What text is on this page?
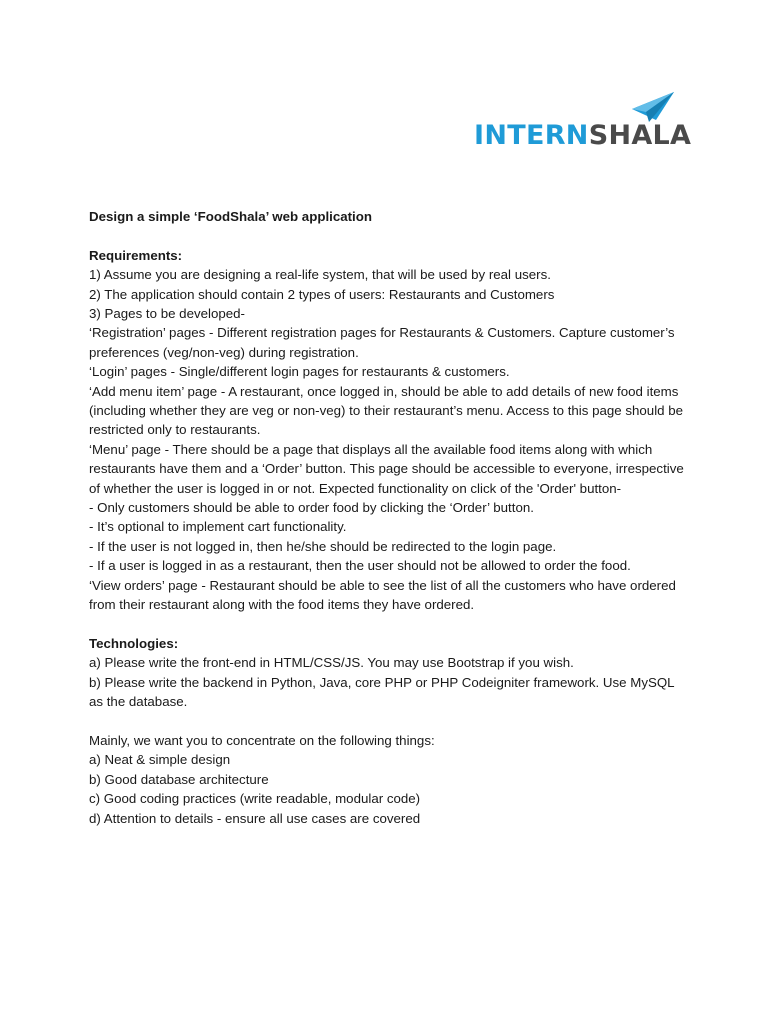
INTERNSHALA

Design a simple ‘FoodShala’ web application

Requirements:

1) Assume you are designing a real-life system, that will be used by real users.

2) The application should contain 2 types of users: Restaurants and Customers

3) Pages to be developed-

‘Registration’ pages - Different registration pages for Restaurants & Customers. Capture customer’s preferences (veg/non-veg) during registration.

‘Login’ pages - Single/different login pages for restaurants & customers.

‘Add menu item’ page - A restaurant, once logged in, should be able to add details of new food items (including whether they are veg or non-veg) to their restaurant’s menu. Access to this page should be restricted only to restaurants.

‘Menu’ page - There should be a page that displays all the available food items along with which restaurants have them and a ‘Order’ button. This page should be accessible to everyone, irrespective of whether the user is logged in or not. Expected functionality on click of the 'Order' button-

- Only customers should be able to order food by clicking the ‘Order’ button.

- It’s optional to implement cart functionality.

- If the user is not logged in, then he/she should be redirected to the login page.

- If a user is logged in as a restaurant, then the user should not be allowed to order the food.

‘View orders’ page - Restaurant should be able to see the list of all the customers who have ordered from their restaurant along with the food items they have ordered.

Technologies:

a) Please write the front-end in HTML/CSS/JS. You may use Bootstrap if you wish.

b) Please write the backend in Python, Java, core PHP or PHP Codeigniter framework. Use MySQL as the database.

Mainly, we want you to concentrate on the following things:

a) Neat & simple design

b) Good database architecture

c) Good coding practices (write readable, modular code)

d) Attention to details - ensure all use cases are covered
